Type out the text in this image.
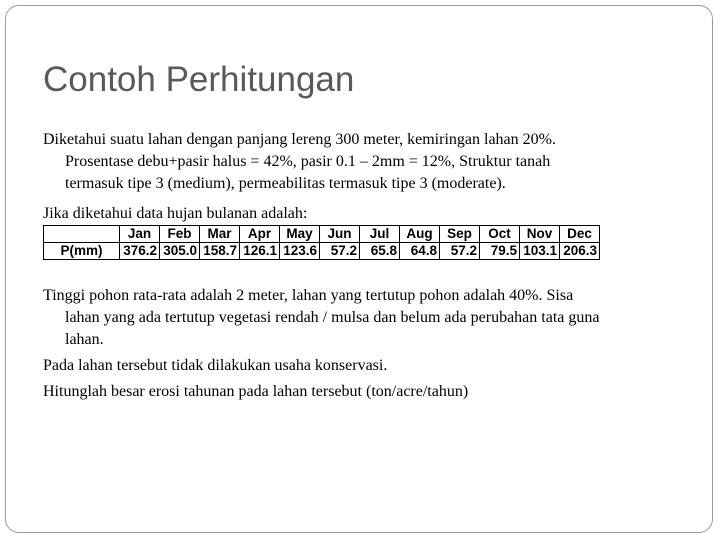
Contoh Perhitungan
Diketahui suatu lahan dengan panjang lereng 300 meter, kemiringan lahan 20%.
Prosentase debu+pasir halus = 42%, pasir 0.1 – 2mm = 12%, Struktur tanah
termasuk tipe 3 (medium), permeabilitas termasuk tipe 3 (moderate).
Jika diketahui data hujan bulanan adalah:
	Jan	Feb	Mar	Apr	May	Jun	Jul	Aug	Sep	Oct	Nov	Dec
P(mm)	376.2	305.0	158.7	126.1	123.6	57.2	65.8	64.8	57.2	79.5	103.1	206.3
Tinggi pohon rata-rata adalah 2 meter, lahan yang tertutup pohon adalah 40%. Sisa
lahan yang ada tertutup vegetasi rendah / mulsa dan belum ada perubahan tata guna
lahan.
Pada lahan tersebut tidak dilakukan usaha konservasi.
Hitunglah besar erosi tahunan pada lahan tersebut (ton/acre/tahun)
